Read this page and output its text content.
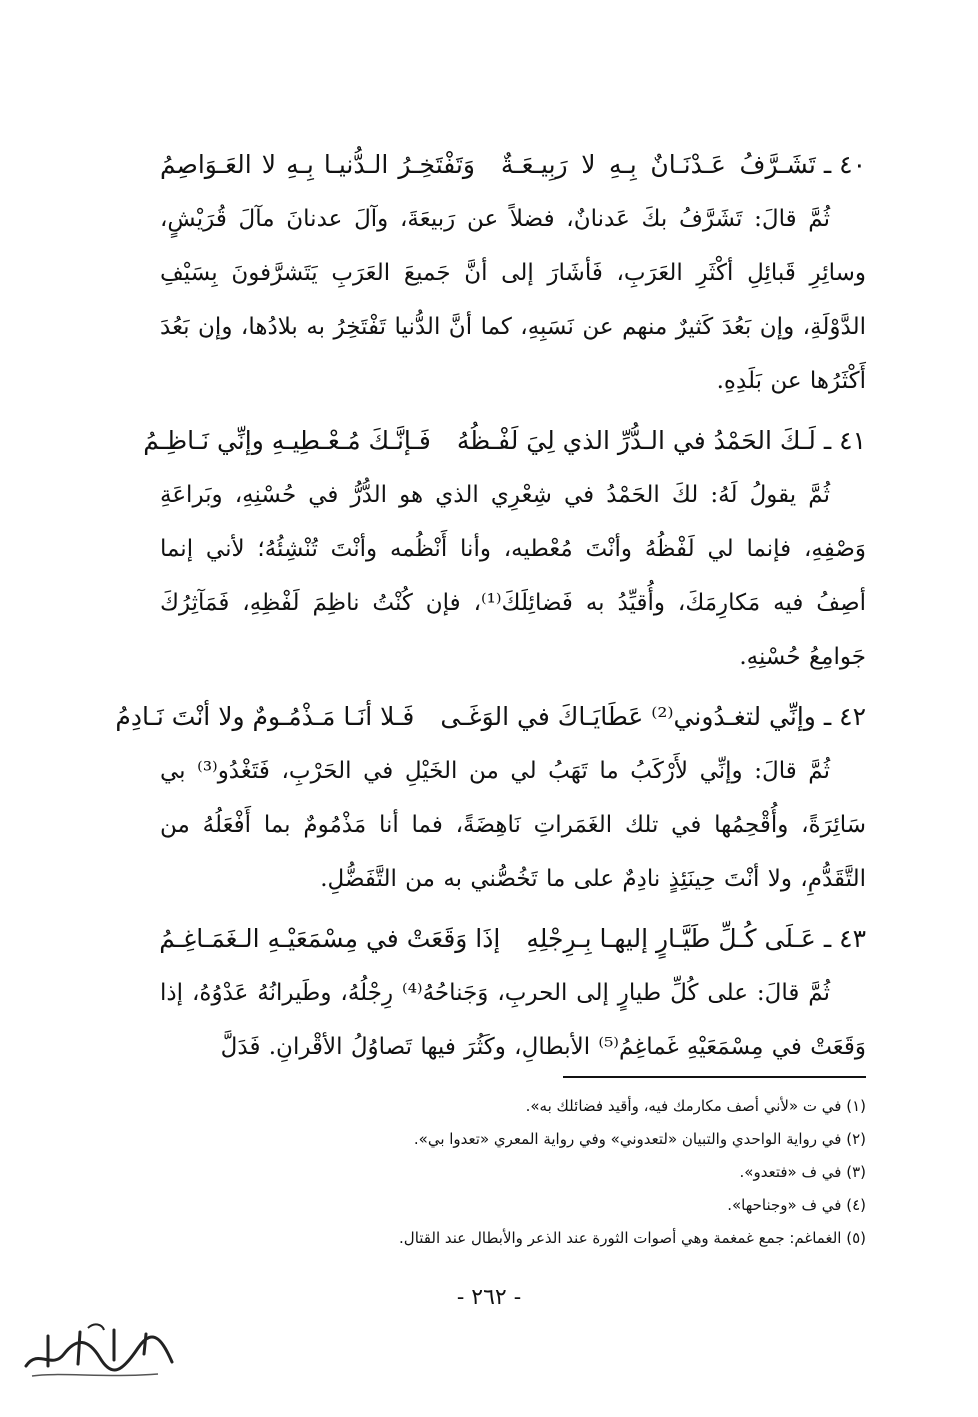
٤٠ ـ
تَشَـرَّفُ عَـدْنَـانٌ بِـهِ لا رَبِيـعَـةٌ
وَتَفْتَخِـرُ الـدُّنيـا بِـهِ لا العَـوَاصِمُ

ثُمَّ قالَ: تَشَرَّفُ بكَ عَدنانٌ، فضلاً عن رَبيعَةَ، وآلَ عدنانَ مآلَ قُرَيْشٍ، وسائِرِ قَبائِلِ أكْثَرِ العَرَبِ، فَأشَارَ إلى أنَّ جَميعَ العَرَبِ يَتَشرَّفونَ بِسَيْفِ الدَّوْلَةِ، وإن بَعُدَ كَثيرٌ منهم عن نَسَبِهِ، كما أنَّ الدُّنيا تَفْتَخِرُ به بلادُها، وإن بَعُدَ أَكْثَرُها عن بَلَدِهِ.

٤١ ـ
لَـكَ الحَمْدُ في الـدُّرِّ الذي لِيَ لَفْـظُهُ
فَـإنَّـكَ مُـعْـطِيـهِ وإنِّي نَـاظِـمُ

ثُمَّ يقولُ لَهُ: لكَ الحَمْدُ في شِعْرِي الذي هو الدُّرُّ في حُسْنِهِ، وبَراعَةِ وَصْفِهِ، فإنما لي لَفْظُهُ وأنْتَ مُعْطيه، وأنا أَنْظُمه وأنْتَ تُنْشِئُهُ؛ لأني إنما أصِفُ فيه مَكارِمَكَ، وأُقيِّدُ به فَضائِلَكَ⁽¹⁾، فإن كُنْتُ ناظِمَ لَفْظِهِ، فَمَآثِرُكَ جَوامِعُ حُسْنِهِ.

٤٢ ـ
وإنِّي لتغـدُوني⁽²⁾ عَطَايَـاكَ في الوَغَـى
فَـلا أنَـا مَـذْمُـومٌ ولا أنْتَ نَـادِمُ

ثُمَّ قالَ: وإنِّي لأَرْكَبُ ما تَهَبُ لي من الخَيْلِ في الحَرْبِ، فَتَغْدُو⁽³⁾ بي سَائِرَةً، وأُقْحِمُها في تلك الغَمَراتِ نَاهِضَةً، فما أنا مَذْمُومٌ بما أَفْعَلُهُ من التَّقَدُّمِ، ولا أنْتَ حِينَئِذٍ نادِمٌ على ما تَخُصُّني به من التَّفَضُّلِ.

٤٣ ـ
عَـلَى كُـلِّ طَيَّـارٍ إليهـا بِـرِجْلِهِ
إذَا وَقَعَتْ في مِسْمَعَيْـهِ الـغَمَـاغِـمُ

ثُمَّ قالَ: على كُلِّ طيارٍ إلى الحربِ، وَجَناحُهُ⁽⁴⁾ رِجْلُهُ، وطَيرانُهُ عَدْوُهُ، إذا وَقَعَتْ في مِسْمَعَيْهِ غَماغِمُ⁽⁵⁾ الأبطالِ، وكَثُرَ فيها تَصاوُلُ الأقْرانِ. فَدَلَّ

(١) في ت «لأني أصف مكارمك فيه، وأقيد فضائلك به».
(٢) في رواية الواحدي والتبيان «لتعدوني» وفي رواية المعري «تعدوا بي».
(٣) في ف «فتعدو».
(٤) في ف «وجناحها».
(٥) الغماغم: جمع غمغمة وهي أصوات الثورة عند الذعر والأبطال عند القتال.
- ٢٦٢ -
